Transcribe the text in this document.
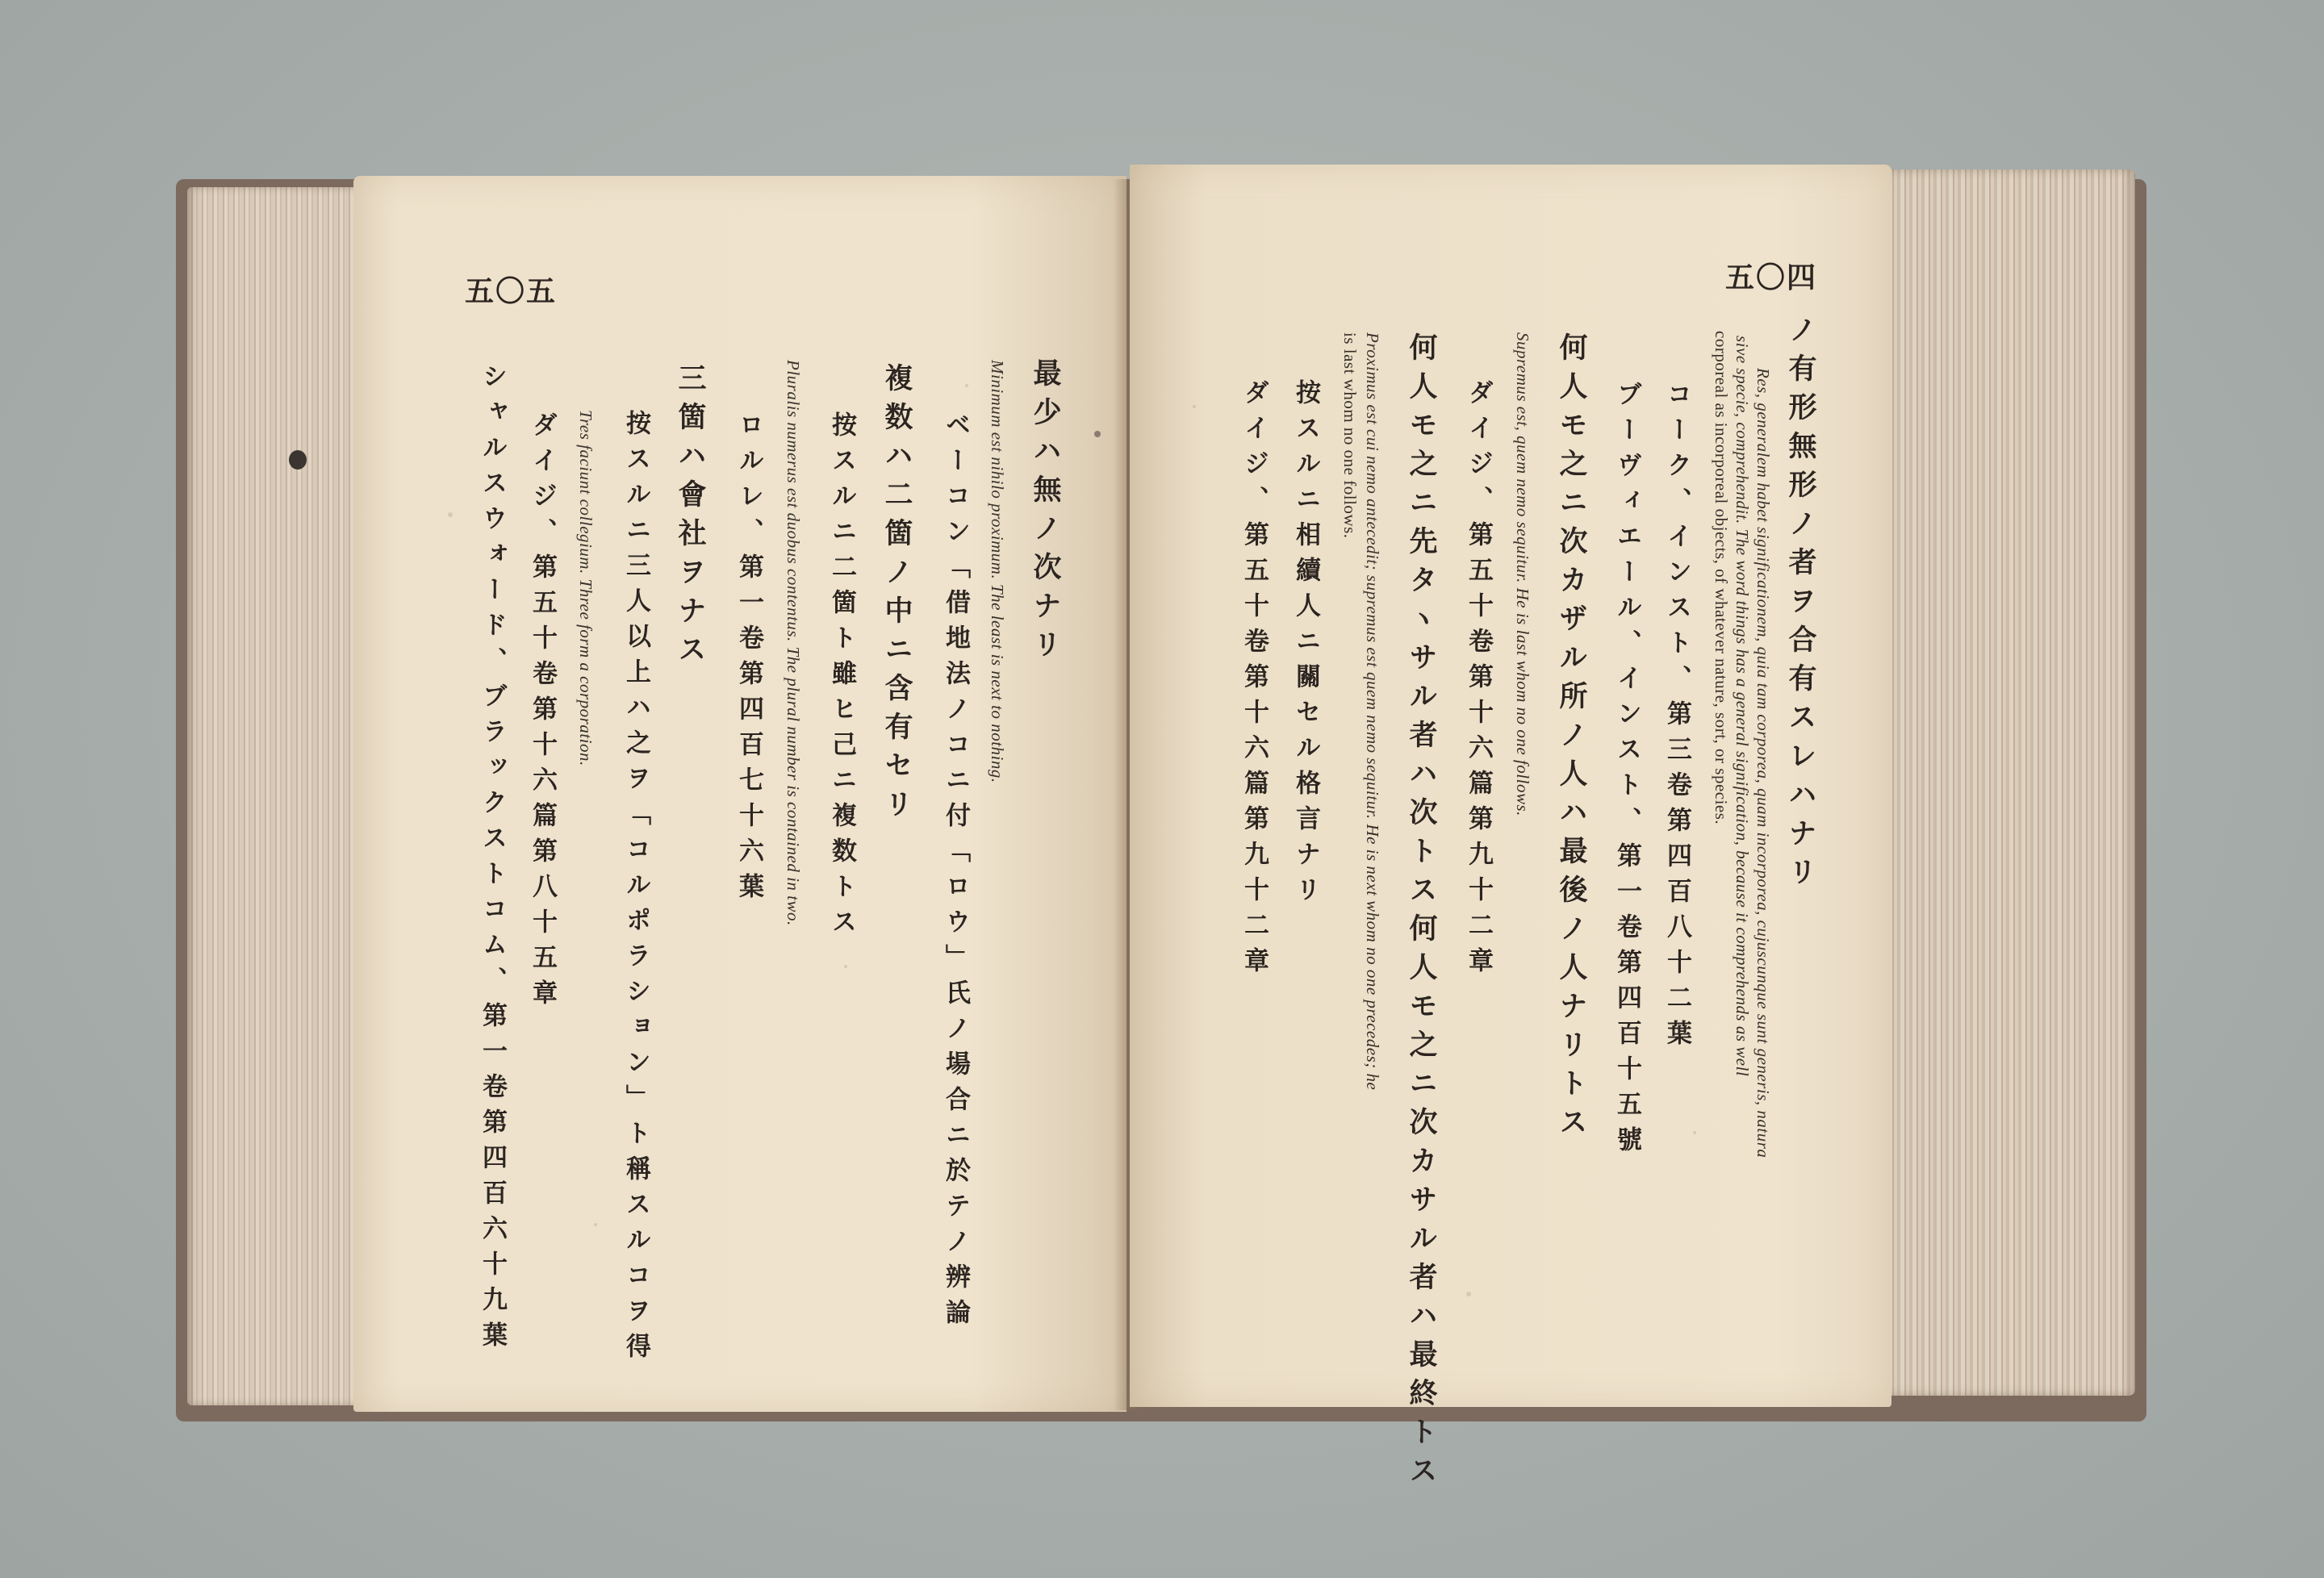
五〇五
最少ハ無ノ次ナリ
Minimum est nihilo proximum. The least is next to nothing.
ベーコン「借地法ノコニ付「ロウ」氏ノ場合ニ於テノ辨論
複数ハ二箇ノ中ニ含有セリ
按スルニ二箇ト雖ヒ己ニ複数トス
Pluralis numerus est duobus contentus. The plural number is contained in two.
ロルレ、第一卷第四百七十六葉
三箇ハ會社ヲナス
按スルニ三人以上ハ之ヲ「コルポラション」ト稱スルコヲ得
Tres faciunt collegium. Three form a corporation.
ダイジ、第五十卷第十六篇第八十五章
シャルスウォード、ブラックストコム、第一卷第四百六十九葉
五〇四
ノ有形無形ノ者ヲ合有スレハナリ
Res, generalem habet significationem, quia tam corporea, quam incorporea, cujuscunque sunt generis, natura
sive specie, comprehendit. The word things has a general signification, because it comprehends as well
corporeal as incorporeal objects, of whatever nature, sort, or species.
コーク、インスト、第三卷第四百八十二葉
ブーヴィエール、インスト、第一卷第四百十五號
何人モ之ニ次カザル所ノ人ハ最後ノ人ナリトス
Supremus est, quem nemo sequitur. He is last whom no one follows.
ダイジ、第五十卷第十六篇第九十二章
何人モ之ニ先タヽサル者ハ次トス何人モ之ニ次カサル者ハ最終トス
Proximus est cui nemo antecedit; supremus est quem nemo sequitur. He is next whom no one precedes; he
is last whom no one follows.
按スルニ相續人ニ關セル格言ナリ
ダイジ、第五十卷第十六篇第九十二章
